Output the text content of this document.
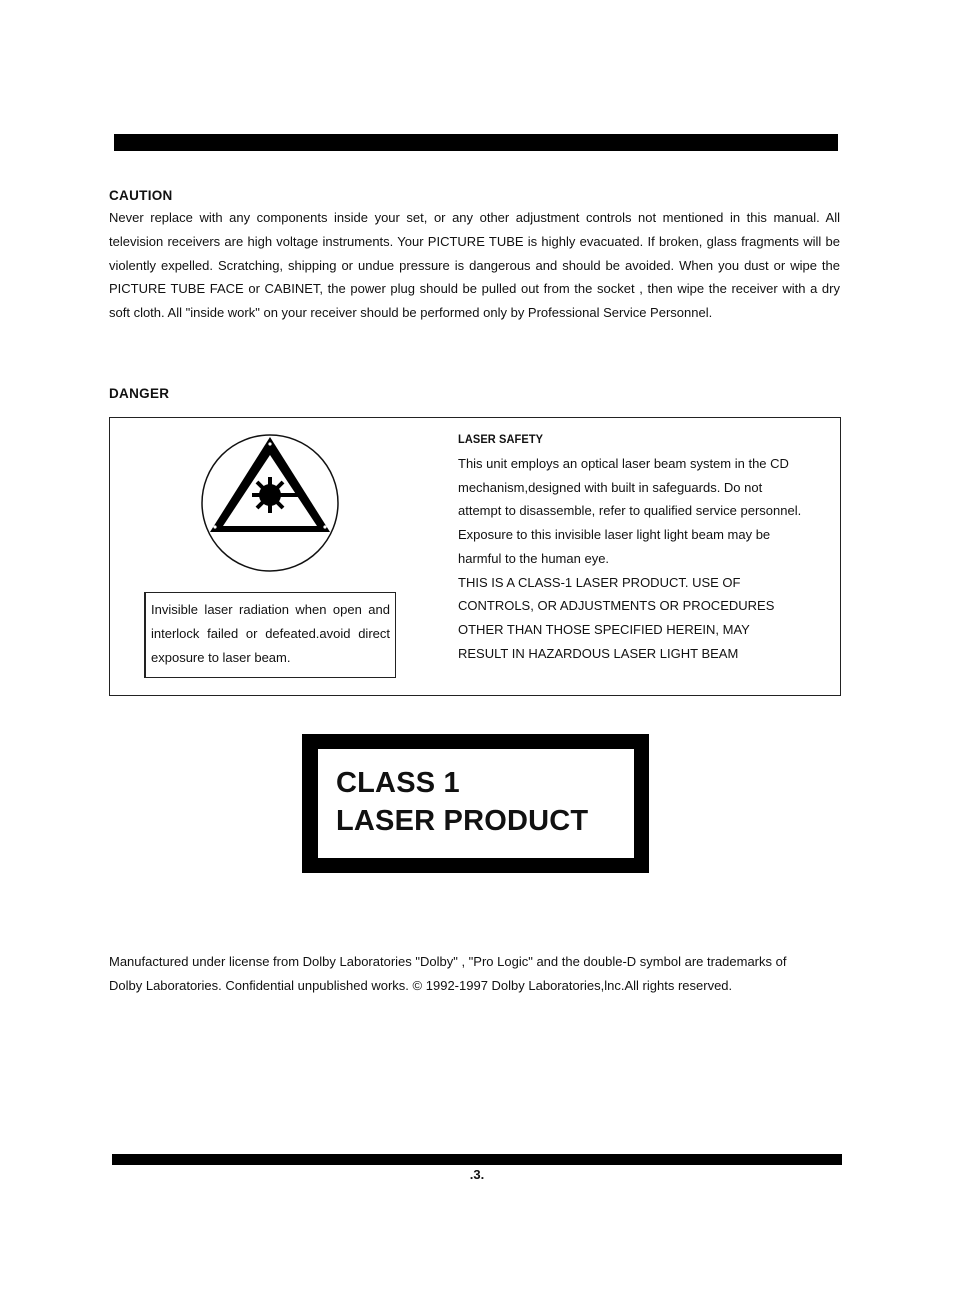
CAUTION
Never replace with any components inside your set, or any other adjustment controls not mentioned in this manual. All television receivers are high voltage instruments. Your PICTURE TUBE is highly evacuated. If broken, glass fragments will be violently expelled. Scratching, shipping or undue pressure is dangerous and should be avoided. When you dust or wipe the PICTURE TUBE FACE or CABINET, the power plug should be pulled out from the socket , then wipe the receiver with a dry soft cloth. All "inside work" on your receiver should be performed only by Professional Service Personnel.
DANGER
Invisible laser radiation when open and interlock failed or defeated.avoid direct exposure to laser beam.
LASER SAFETY
This unit employs an optical laser beam system in the CD
mechanism,designed with built in safeguards. Do not
attempt to disassemble, refer to qualified service personnel.
Exposure to this invisible laser light light beam may be
harmful to the human eye.
THIS IS A CLASS-1 LASER PRODUCT. USE OF
CONTROLS, OR ADJUSTMENTS OR PROCEDURES
OTHER THAN THOSE SPECIFIED HEREIN, MAY
RESULT IN HAZARDOUS LASER LIGHT BEAM
CLASS 1
LASER PRODUCT
Manufactured under license from Dolby Laboratories "Dolby" , "Pro Logic" and the double-D symbol are trademarks of
Dolby Laboratories. Confidential unpublished works. © 1992-1997 Dolby Laboratories,lnc.All rights reserved.
.3.
